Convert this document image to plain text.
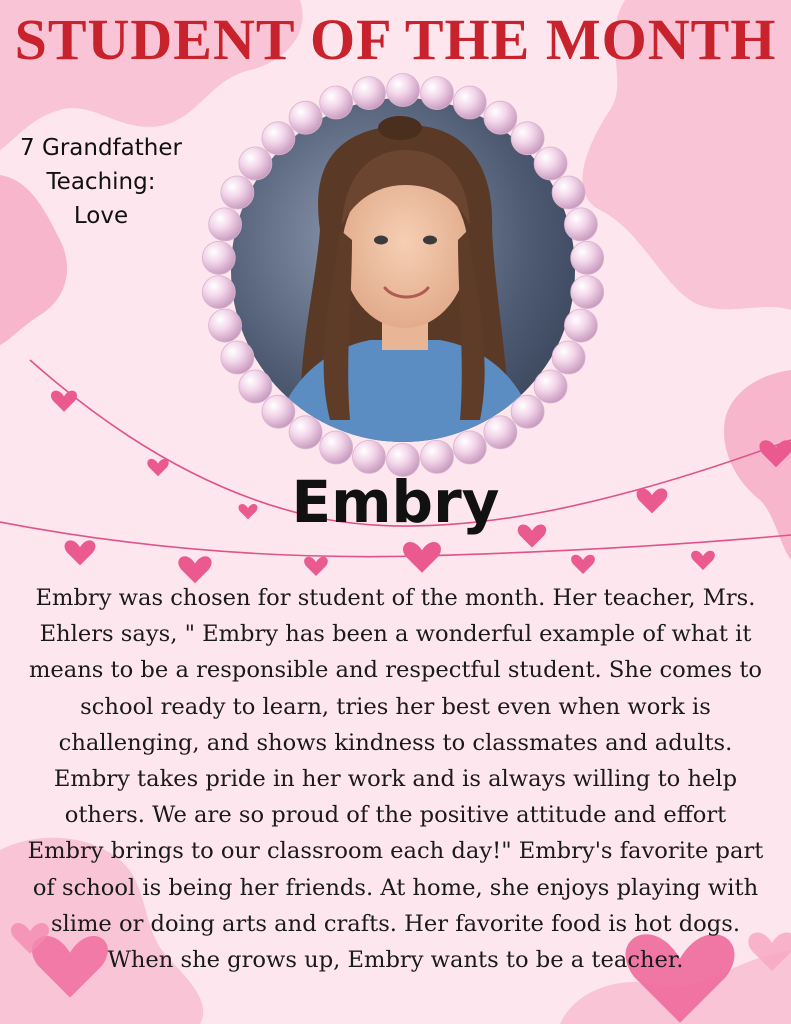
STUDENT OF THE MONTH
7 Grandfather
Teaching:
Love
Embry

Embry was chosen for student of the month. Her teacher, Mrs.
Ehlers says, " Embry has been a wonderful example of what it
means to be a responsible and respectful student. She comes to
school ready to learn, tries her best even when work is
challenging, and shows kindness to classmates and adults.
Embry takes pride in her work and is always willing to help
others. We are so proud of the positive attitude and effort
Embry brings to our classroom each day!" Embry's favorite part
of school is being her friends. At home, she enjoys playing with
slime or doing arts and crafts. Her favorite food is hot dogs.
When she grows up, Embry wants to be a teacher.
